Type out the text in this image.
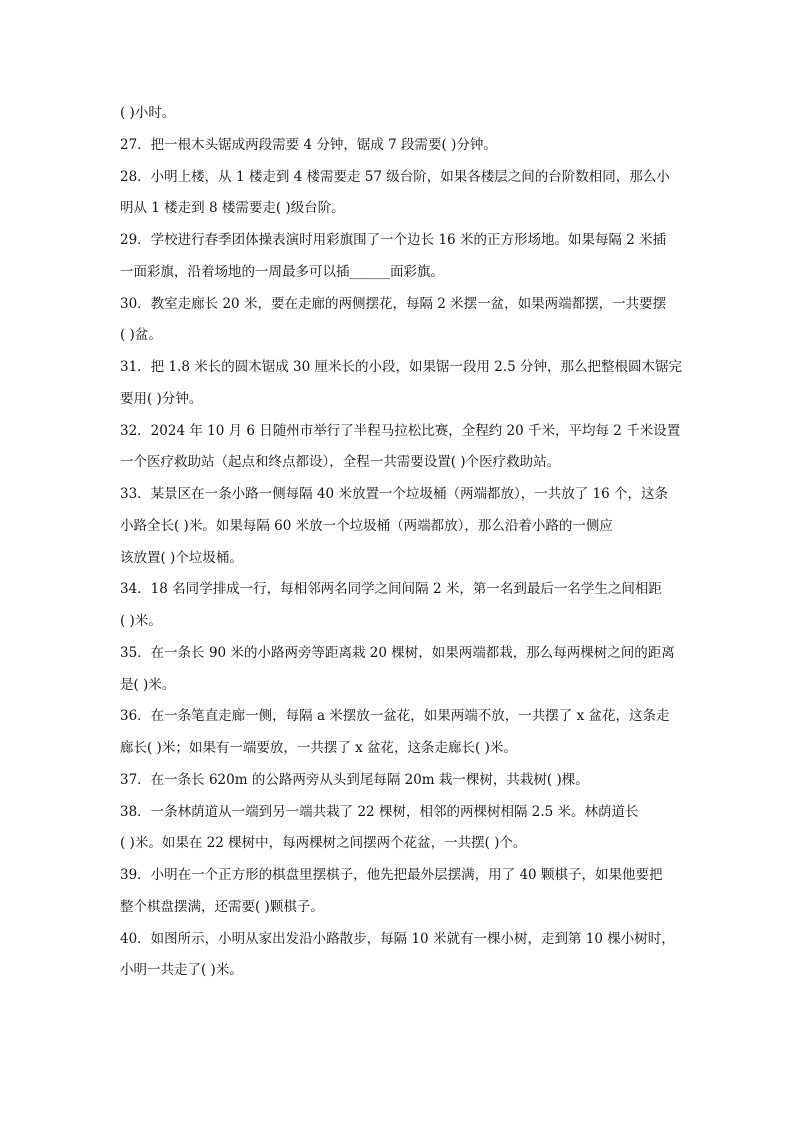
( )小时。
27．把一根木头锯成两段需要 4 分钟，锯成 7 段需要( )分钟。
28．小明上楼，从 1 楼走到 4 楼需要走 57 级台阶，如果各楼层之间的台阶数相同，那么小
明从 1 楼走到 8 楼需要走( )级台阶。
29．学校进行春季团体操表演时用彩旗围了一个边长 16 米的正方形场地。如果每隔 2 米插
一面彩旗，沿着场地的一周最多可以插______面彩旗。
30．教室走廊长 20 米，要在走廊的两侧摆花，每隔 2 米摆一盆，如果两端都摆，一共要摆
( )盆。
31．把 1.8 米长的圆木锯成 30 厘米长的小段，如果锯一段用 2.5 分钟，那么把整根圆木锯完
要用( )分钟。
32．2024 年 10 月 6 日随州市举行了半程马拉松比赛，全程约 20 千米，平均每 2 千米设置
一个医疗救助站（起点和终点都设），全程一共需要设置( )个医疗救助站。
33．某景区在一条小路一侧每隔 40 米放置一个垃圾桶（两端都放），一共放了 16 个，这条
小路全长( )米。如果每隔 60 米放一个垃圾桶（两端都放），那么沿着小路的一侧应
该放置( )个垃圾桶。
34．18 名同学排成一行，每相邻两名同学之间间隔 2 米，第一名到最后一名学生之间相距
( )米。
35．在一条长 90 米的小路两旁等距离栽 20 棵树，如果两端都栽，那么每两棵树之间的距离
是( )米。
36．在一条笔直走廊一侧，每隔 a 米摆放一盆花，如果两端不放，一共摆了 x 盆花，这条走
廊长( )米；如果有一端要放，一共摆了 x 盆花，这条走廊长( )米。
37．在一条长 620m 的公路两旁从头到尾每隔 20m 栽一棵树，共栽树( )棵。
38．一条林荫道从一端到另一端共栽了 22 棵树，相邻的两棵树相隔 2.5 米。林荫道长
( )米。如果在 22 棵树中，每两棵树之间摆两个花盆，一共摆( )个。
39．小明在一个正方形的棋盘里摆棋子，他先把最外层摆满，用了 40 颗棋子，如果他要把
整个棋盘摆满，还需要( )颗棋子。
40．如图所示，小明从家出发沿小路散步，每隔 10 米就有一棵小树，走到第 10 棵小树时，
小明一共走了( )米。
